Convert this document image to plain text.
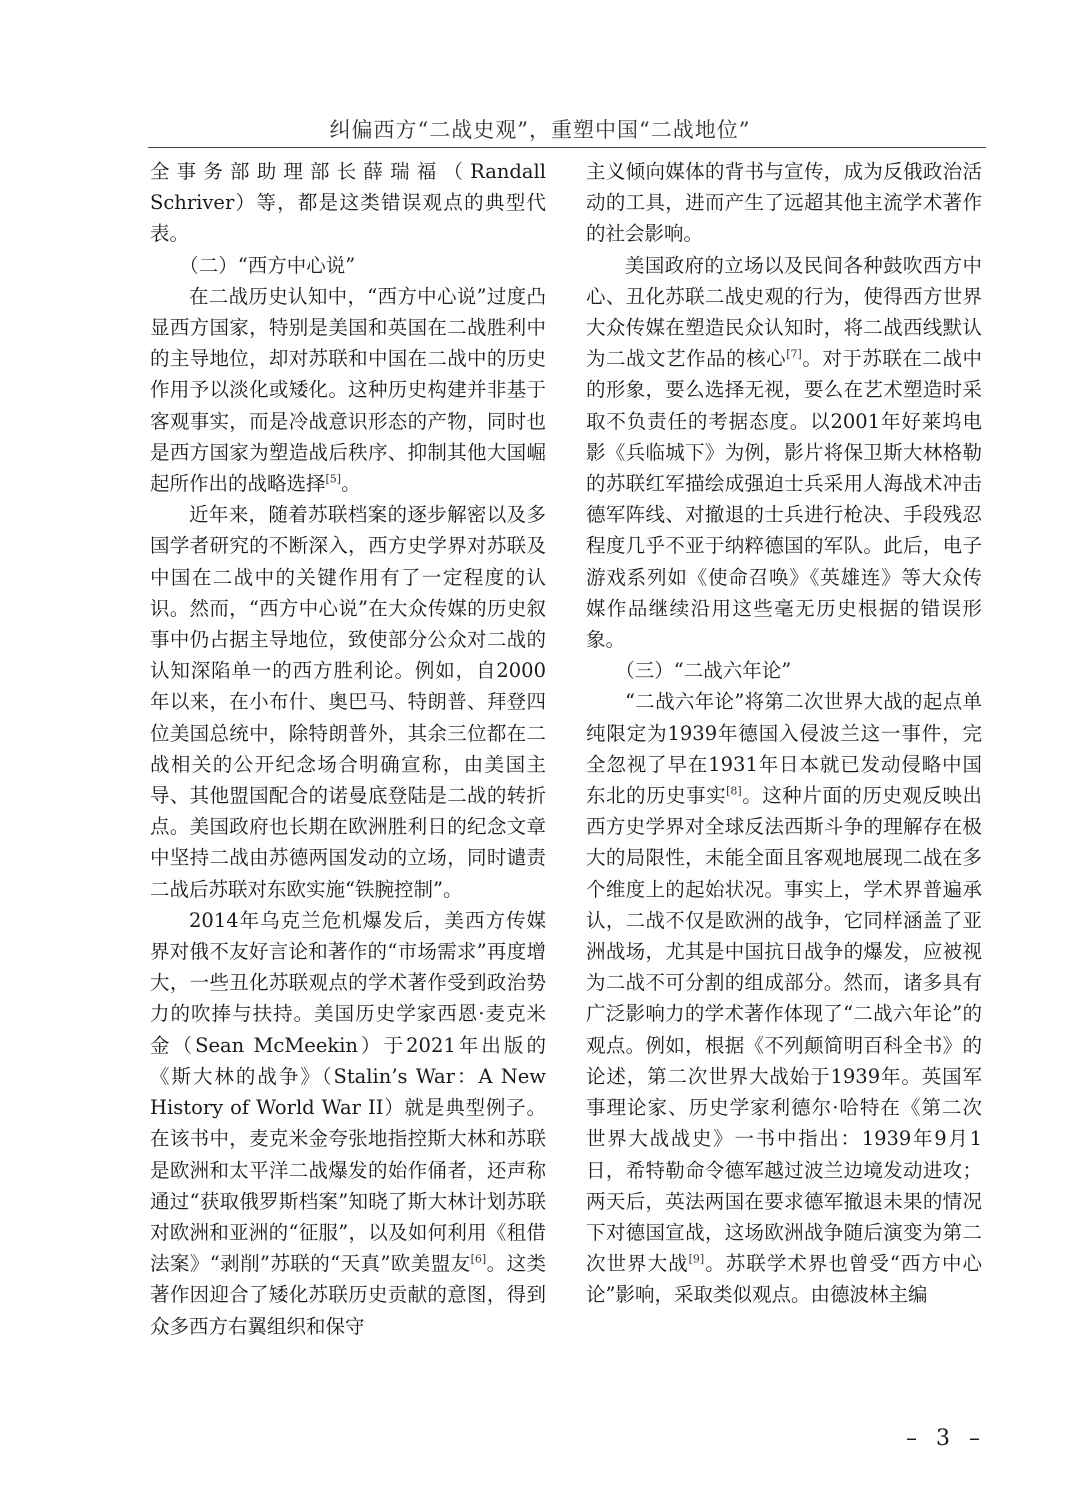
纠偏西方“二战史观”，重塑中国“二战地位”

全事务部助理部长薛瑞福（Randall Schriver）等，都是这类错误观点的典型代表。

（二）“西方中心说”

在二战历史认知中，“西方中心说”过度凸显西方国家，特别是美国和英国在二战胜利中的主导地位，却对苏联和中国在二战中的历史作用予以淡化或矮化。这种历史构建并非基于客观事实，而是冷战意识形态的产物，同时也是西方国家为塑造战后秩序、抑制其他大国崛起所作出的战略选择[5]。

近年来，随着苏联档案的逐步解密以及多国学者研究的不断深入，西方史学界对苏联及中国在二战中的关键作用有了一定程度的认识。然而，“西方中心说”在大众传媒的历史叙事中仍占据主导地位，致使部分公众对二战的认知深陷单一的西方胜利论。例如，自2000年以来，在小布什、奥巴马、特朗普、拜登四位美国总统中，除特朗普外，其余三位都在二战相关的公开纪念场合明确宣称，由美国主导、其他盟国配合的诺曼底登陆是二战的转折点。美国政府也长期在欧洲胜利日的纪念文章中坚持二战由苏德两国发动的立场，同时谴责二战后苏联对东欧实施“铁腕控制”。

2014年乌克兰危机爆发后，美西方传媒界对俄不友好言论和著作的“市场需求”再度增大，一些丑化苏联观点的学术著作受到政治势力的吹捧与扶持。美国历史学家西恩·麦克米金（Sean McMeekin）于2021年出版的《斯大林的战争》（Stalin’s War：A New History of World War II）就是典型例子。在该书中，麦克米金夸张地指控斯大林和苏联是欧洲和太平洋二战爆发的始作俑者，还声称通过“获取俄罗斯档案”知晓了斯大林计划苏联对欧洲和亚洲的“征服”，以及如何利用《租借法案》“剥削”苏联的“天真”欧美盟友[6]。这类著作因迎合了矮化苏联历史贡献的意图，得到众多西方右翼组织和保守

主义倾向媒体的背书与宣传，成为反俄政治活动的工具，进而产生了远超其他主流学术著作的社会影响。

美国政府的立场以及民间各种鼓吹西方中心、丑化苏联二战史观的行为，使得西方世界大众传媒在塑造民众认知时，将二战西线默认为二战文艺作品的核心[7]。对于苏联在二战中的形象，要么选择无视，要么在艺术塑造时采取不负责任的考据态度。以2001年好莱坞电影《兵临城下》为例，影片将保卫斯大林格勒的苏联红军描绘成强迫士兵采用人海战术冲击德军阵线、对撤退的士兵进行枪决、手段残忍程度几乎不亚于纳粹德国的军队。此后，电子游戏系列如《使命召唤》《英雄连》等大众传媒作品继续沿用这些毫无历史根据的错误形象。

（三）“二战六年论”

“二战六年论”将第二次世界大战的起点单纯限定为1939年德国入侵波兰这一事件，完全忽视了早在1931年日本就已发动侵略中国东北的历史事实[8]。这种片面的历史观反映出西方史学界对全球反法西斯斗争的理解存在极大的局限性，未能全面且客观地展现二战在多个维度上的起始状况。事实上，学术界普遍承认，二战不仅是欧洲的战争，它同样涵盖了亚洲战场，尤其是中国抗日战争的爆发，应被视为二战不可分割的组成部分。然而，诸多具有广泛影响力的学术著作体现了“二战六年论”的观点。例如，根据《不列颠简明百科全书》的论述，第二次世界大战始于1939年。英国军事理论家、历史学家利德尔·哈特在《第二次世界大战战史》一书中指出：1939年9月1日，希特勒命令德军越过波兰边境发动进攻；两天后，英法两国在要求德军撤退未果的情况下对德国宣战，这场欧洲战争随后演变为第二次世界大战[9]。苏联学术界也曾受“西方中心论”影响，采取类似观点。由德波林主编

– 3 –
